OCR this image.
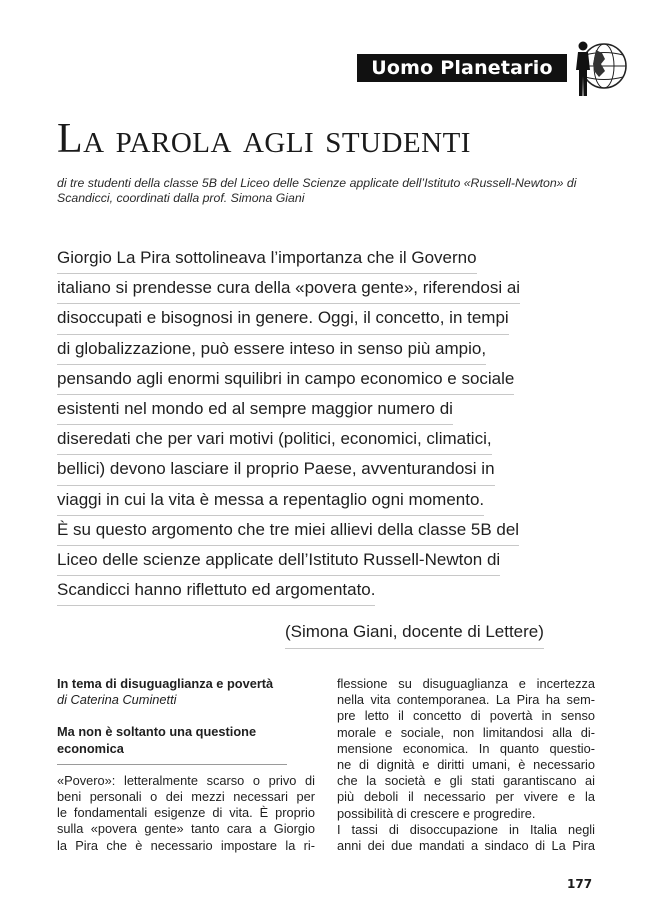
Uomo Planetario
La parola agli studenti
di tre studenti della classe 5B del Liceo delle Scienze applicate dell’Istituto «Russell-Newton» di Scandicci, coordinati dalla prof. Simona Giani
Giorgio La Pira sottolineava l’importanza che il Governo
italiano si prendesse cura della «povera gente», riferendosi ai
disoccupati e bisognosi in genere. Oggi, il concetto, in tempi
di globalizzazione, può essere inteso in senso più ampio,
pensando agli enormi squilibri in campo economico e sociale
esistenti nel mondo ed al sempre maggior numero di
diseredati che per vari motivi (politici, economici, climatici,
bellici) devono lasciare il proprio Paese, avventurandosi in
viaggi in cui la vita è messa a repentaglio ogni momento.
È su questo argomento che tre miei allievi della classe 5B del
Liceo delle scienze applicate dell’Istituto Russell-Newton di
Scandicci hanno riflettuto ed argomentato.
(Simona Giani, docente di Lettere)
In tema di disuguaglianza e povertà
di Caterina Cuminetti
Ma non è soltanto una questione
economica
«Povero»: letteralmente scarso o privo di
beni personali o dei mezzi necessari per
le fondamentali esigenze di vita. È proprio
sulla «povera gente» tanto cara a Giorgio
la Pira che è necessario impostare la ri-
flessione su disuguaglianza e incertezza
nella vita contemporanea. La Pira ha sem-
pre letto il concetto di povertà in senso
morale e sociale, non limitandosi alla di-
mensione economica. In quanto questio-
ne di dignità e diritti umani, è necessario
che la società e gli stati garantiscano ai
più deboli il necessario per vivere e la
possibilità di crescere e progredire.
I tassi di disoccupazione in Italia negli
anni dei due mandati a sindaco di La Pira
177
